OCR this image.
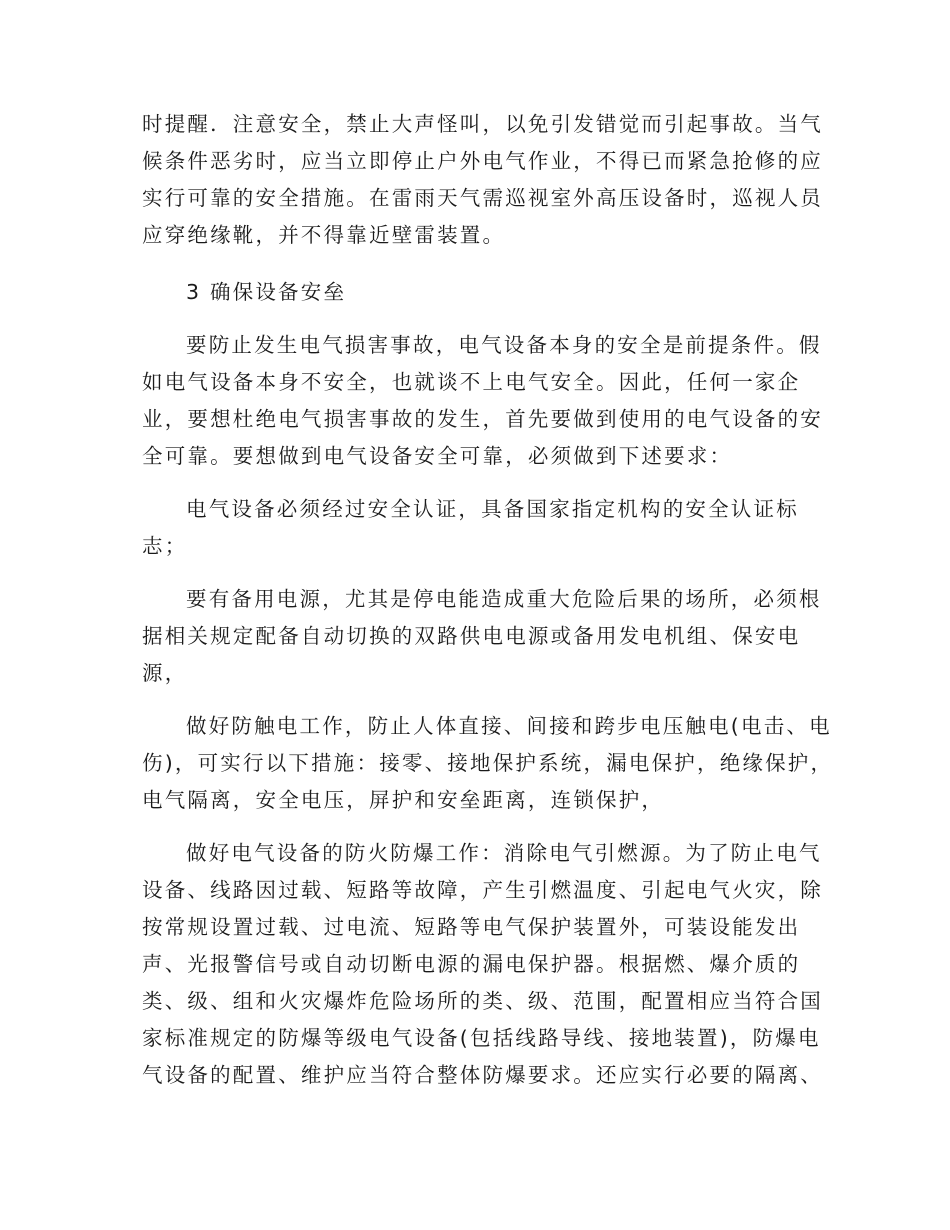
时提醒．注意安全，禁止大声怪叫，以免引发错觉而引起事故。当气
候条件恶劣时，应当立即停止户外电气作业，不得已而紧急抢修的应
实行可靠的安全措施。在雷雨天气需巡视室外高压设备时，巡视人员
应穿绝缘靴，并不得靠近壁雷装置。
3 确保设备安垒
要防止发生电气损害事故，电气设备本身的安全是前提条件。假
如电气设备本身不安全，也就谈不上电气安全。因此，任何一家企
业，要想杜绝电气损害事故的发生，首先要做到使用的电气设备的安
全可靠。要想做到电气设备安全可靠，必须做到下述要求：
电气设备必须经过安全认证，具备国家指定机构的安全认证标
志；
要有备用电源，尤其是停电能造成重大危险后果的场所，必须根
据相关规定配备自动切换的双路供电电源或备用发电机组、保安电
源，
做好防触电工作，防止人体直接、间接和跨步电压触电(电击、电
伤)，可实行以下措施：接零、接地保护系统，漏电保护，绝缘保护，
电气隔离，安全电压，屏护和安垒距离，连锁保护，
做好电气设备的防火防爆工作：消除电气引燃源。为了防止电气
设备、线路因过载、短路等故障，产生引燃温度、引起电气火灾，除
按常规设置过载、过电流、短路等电气保护装置外，可装设能发出
声、光报警信号或自动切断电源的漏电保护器。根据燃、爆介质的
类、级、组和火灾爆炸危险场所的类、级、范围，配置相应当符合国
家标准规定的防爆等级电气设备(包括线路导线、接地装置)，防爆电
气设备的配置、维护应当符合整体防爆要求。还应实行必要的隔离、
